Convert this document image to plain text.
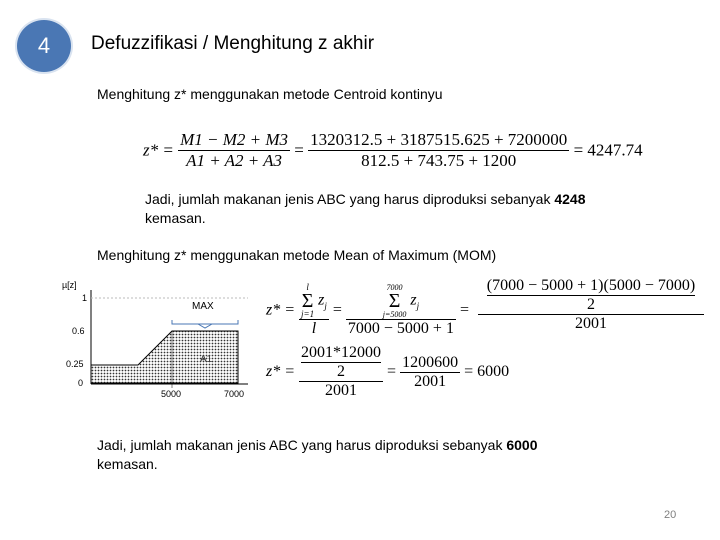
4	Defuzzifikasi / Menghitung z akhir
Menghitung z* menggunakan metode Centroid kontinyu
$z* = \frac{M1 - M2 + M3}{A1 + A2 + A3} = \frac{1320312.5 + 3187515.625 + 7200000}{812.5 + 743.75 + 1200} = 4247.74$
Jadi, jumlah makanan jenis ABC yang harus diproduksi sebanyak 4248
kemasan.
Menghitung z* menggunakan metode Mean of Maximum (MOM)
MAX
A1
µ[z]
1
0.6
0.25
0
5000	7000
z* = l
Σ
j=1
$z_j$
l = 7000
Σ
j=5000
$z_j$
7000 − 5000 + 1 =
(7000 − 5000 + 1)(5000 − 7000)
2
2001
z* = 2001*12000
2
$2001 = \frac{1200600}{2001} = 6000$
Jadi, jumlah makanan jenis ABC yang harus diproduksi sebanyak 6000
kemasan.
20
